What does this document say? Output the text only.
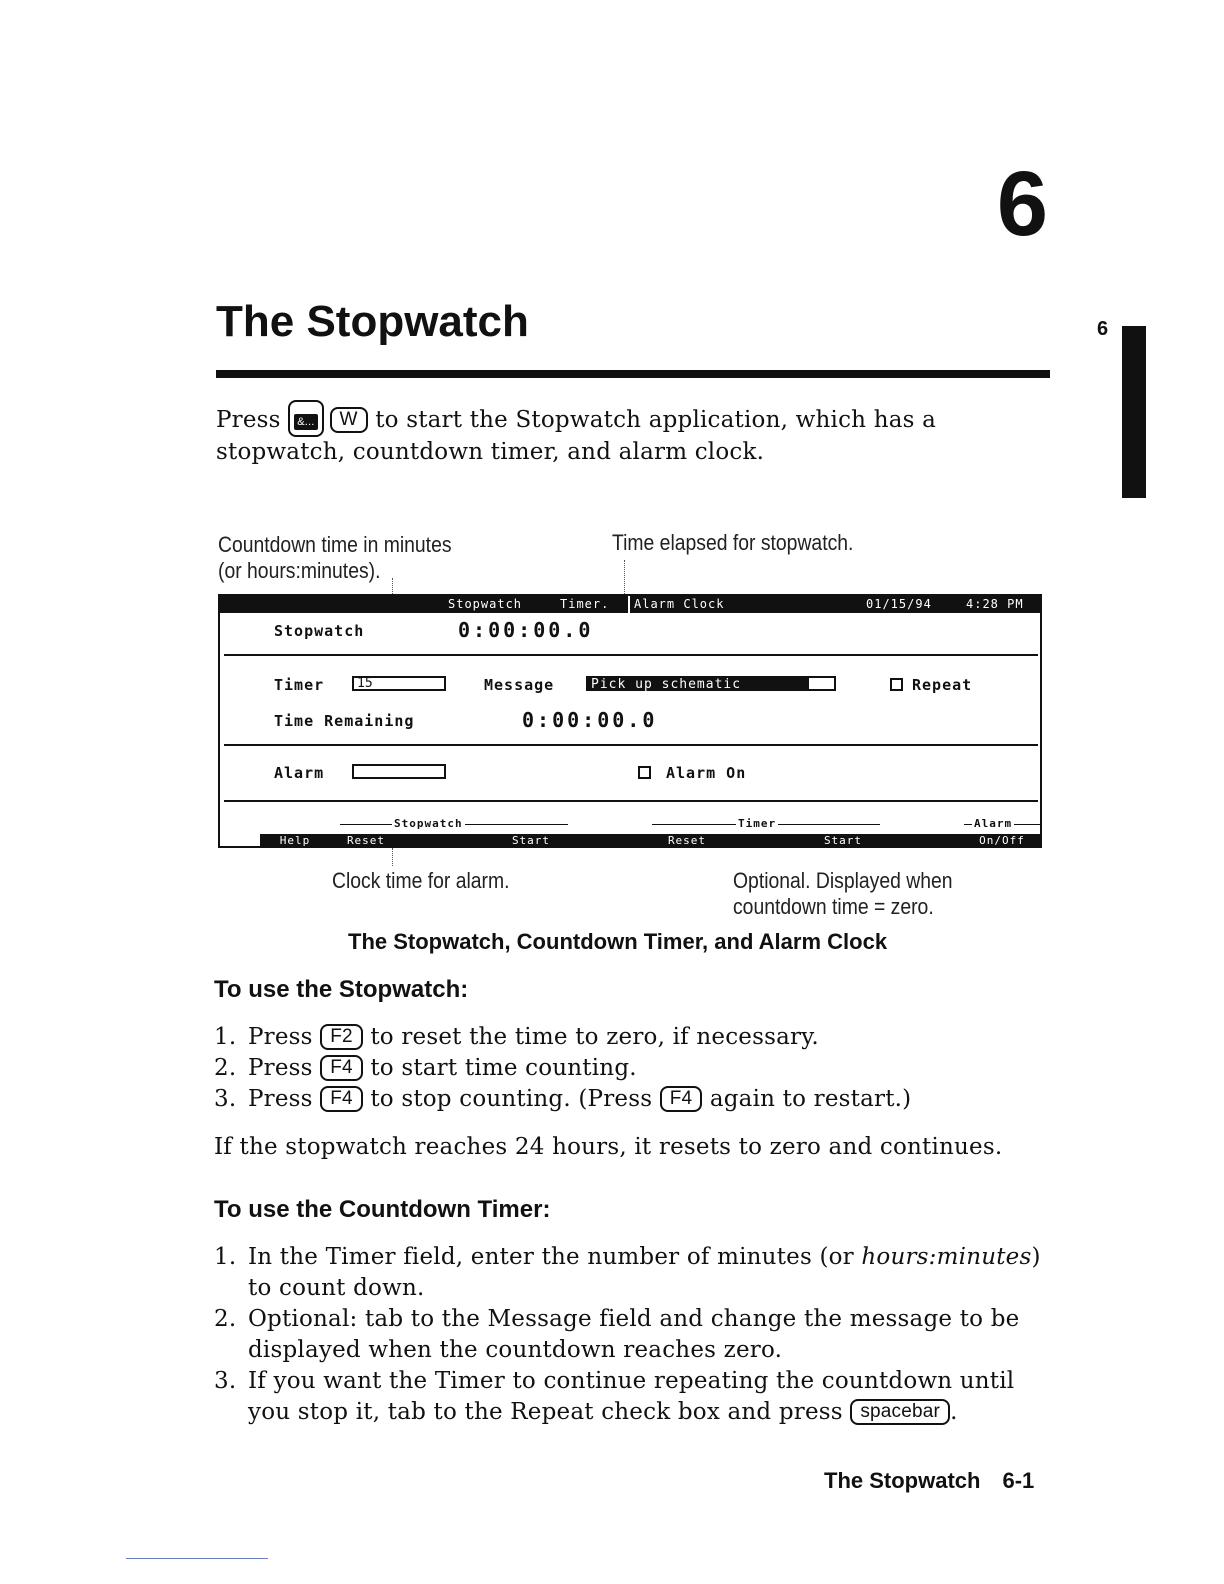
6
The Stopwatch	6
Press &... W to start the Stopwatch application, which has a
stopwatch, countdown timer, and alarm clock.
Countdown time in minutes
(or hours:minutes).
Time elapsed for stopwatch.
Stopwatch	Timer. Alarm Clock	01/15/94	4:28 PM
Stopwatch	0:00:00.0
Timer	15	Message	Pick up schematic	Repeat
Time Remaining	0:00:00.0
Alarm	Alarm On
Stopwatch	Timer	Alarm
Help	Reset	Start	Reset	Start	On/Off
Clock time for alarm.	Optional. Displayed when
countdown time = zero.
The Stopwatch, Countdown Timer, and Alarm Clock
To use the Stopwatch:
1. Press F2 to reset the time to zero, if necessary.
2. Press F4 to start time counting.
3. Press F4 to stop counting. (Press F4 again to restart.)
If the stopwatch reaches 24 hours, it resets to zero and continues.
To use the Countdown Timer:
1. In the Timer field, enter the number of minutes (or hours:minutes)
to count down.
2. Optional: tab to the Message field and change the message to be
displayed when the countdown reaches zero.
3. If you want the Timer to continue repeating the countdown until
you stop it, tab to the Repeat check box and press spacebar .
The Stopwatch 6-1
